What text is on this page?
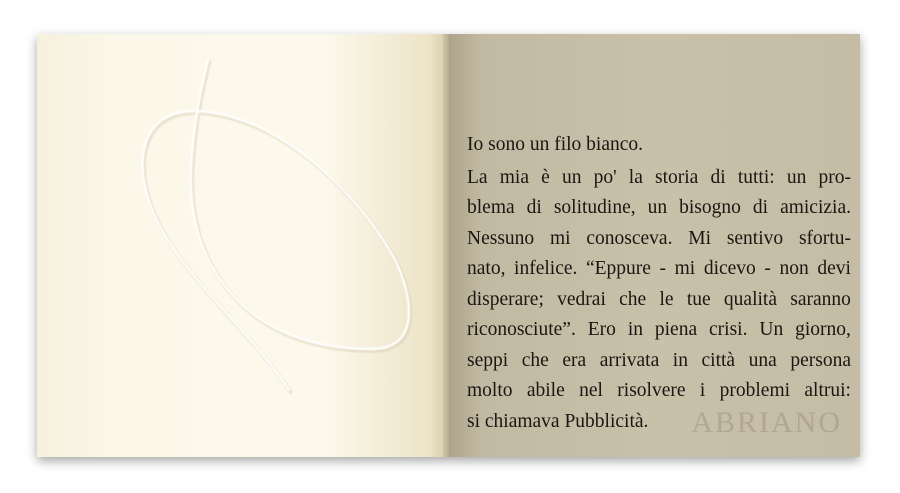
ABRIANO
Io sono un filo bianco.
La mia è un po' la storia di tutti: un pro-
blema di solitudine, un bisogno di amicizia.
Nessuno mi conosceva. Mi sentivo sfortu-
nato, infelice. “Eppure - mi dicevo - non devi
disperare; vedrai che le tue qualità saranno
riconosciute”. Ero in piena crisi. Un giorno,
seppi che era arrivata in città una persona
molto abile nel risolvere i problemi altrui:
si chiamava Pubblicità.
